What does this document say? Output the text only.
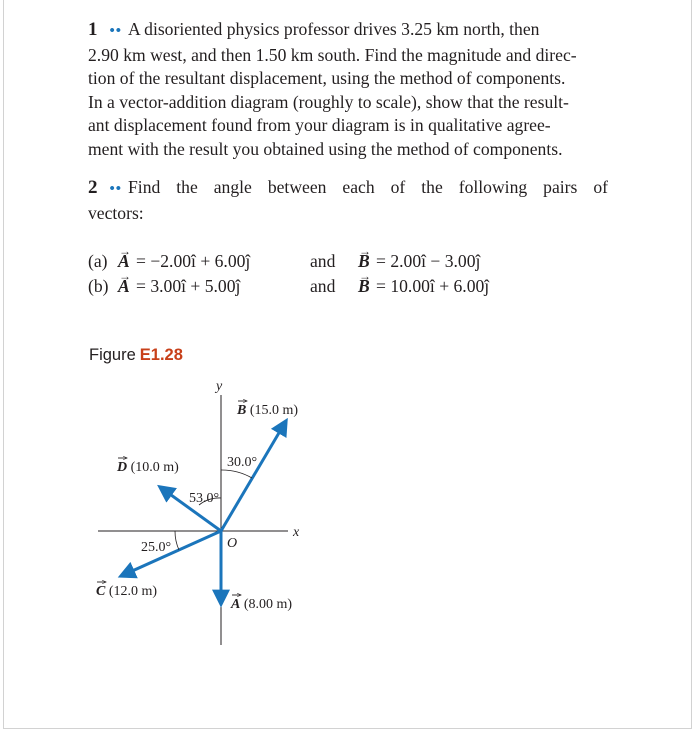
1 •• A disoriented physics professor drives 3.25 km north, then
2.90 km west, and then 1.50 km south. Find the magnitude and direc-
tion of the resultant displacement, using the method of components.
In a vector-addition diagram (roughly to scale), show that the result-
ant displacement found from your diagram is in qualitative agree-
ment with the result you obtained using the method of components.
2 •• Find the angle between each of the following pairs of
vectors:
(a) → A = −2.00î + 6.00ĵ	and → B = 2.00î − 3.00ĵ
(b) → A = 3.00î + 5.00ĵ	and → B = 10.00î + 6.00ĵ
Figure E1.28
x
y
O
B (15.0 m)
30.0°
D (10.0 m)
53.0°
25.0°
C (12.0 m)
A (8.00 m)
